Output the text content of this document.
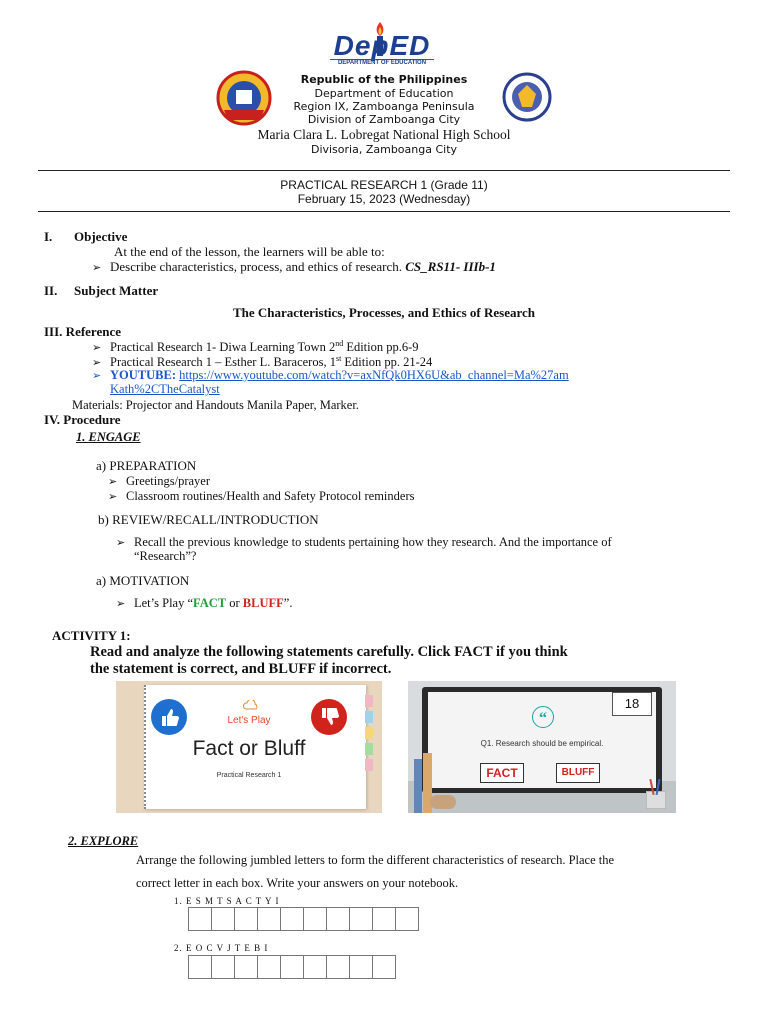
DepED
DEPARTMENT OF EDUCATION
Republic of the Philippines
Department of Education
Region IX, Zamboanga Peninsula
Division of Zamboanga City
Maria Clara L. Lobregat National High School
Divisoria, Zamboanga City
PRACTICAL RESEARCH 1 (Grade 11)
February 15, 2023 (Wednesday)
I. Objective
At the end of the lesson, the learners will be able to:
➢ Describe characteristics, process, and ethics of research. CS_RS11- IIIb-1
II. Subject Matter
The Characteristics, Processes, and Ethics of Research
III. Reference
➢ Practical Research 1- Diwa Learning Town 2nd Edition pp.6-9
➢ Practical Research 1 – Esther L. Baraceros, 1st Edition pp. 21-24
➢ YOUTUBE: https://www.youtube.com/watch?v=axNfQk0HX6U&ab_channel=Ma%27am
Kath%2CTheCatalyst
Materials: Projector and Handouts Manila Paper, Marker.
IV. Procedure
1. ENGAGE
a) PREPARATION
➢ Greetings/prayer
➢ Classroom routines/Health and Safety Protocol reminders
b) REVIEW/RECALL/INTRODUCTION
➢ Recall the previous knowledge to students pertaining how they research. And the importance of
“Research”?
a) MOTIVATION
➢ Let’s Play “FACT or BLUFF”.
ACTIVITY 1:
Read and analyze the following statements carefully. Click FACT if you think
the statement is correct, and BLUFF if incorrect.
Let's Play
Fact or Bluff
Practical Research 1
18
“
Q1. Research should be empirical.
FACT	BLUFF
2. EXPLORE
Arrange the following jumbled letters to form the different characteristics of research. Place the
correct letter in each box. Write your answers on your notebook.
1. E S M T S A C T Y I
2. E O C V J T E B I
